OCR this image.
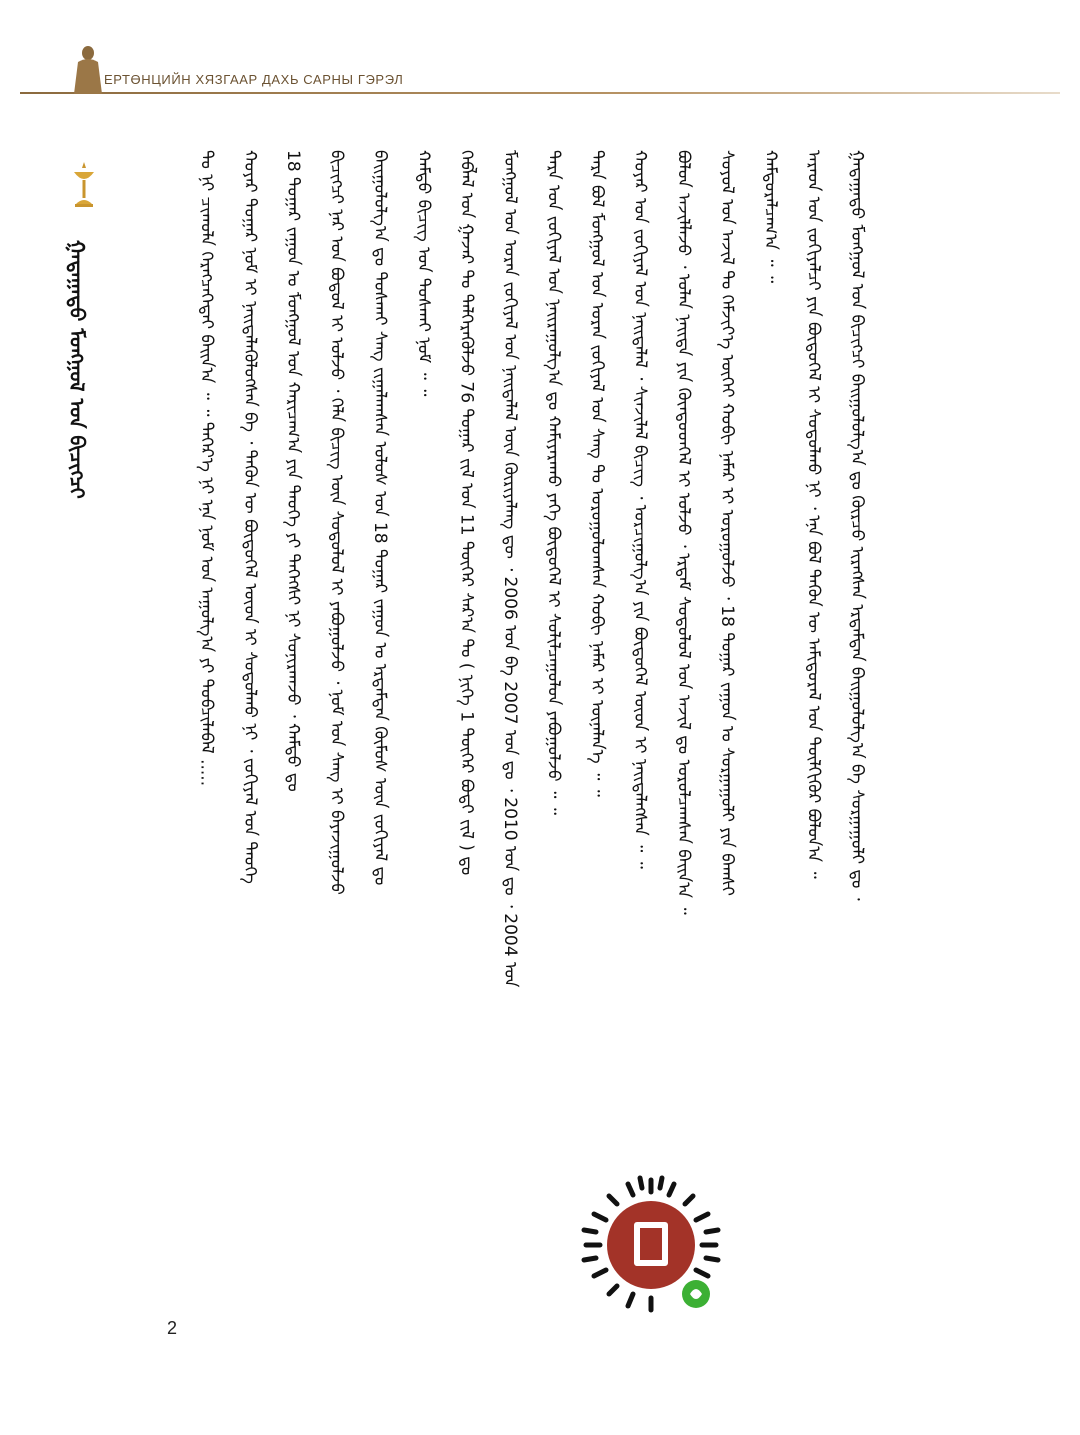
ЕРТӨНЦИЙН ХЯЗГААР ДАХЬ САРНЫ ГЭРЭЛ
ᠭᠠᠳᠠᠭᠠᠳᠤ ᠮᠣᠩᠭᠤᠯ ᠤᠨ ᠪᠢᠴᠢᠭᠴᠢ	ᠭᠠᠳᠠᠭᠠᠳᠤ ᠮᠣᠩᠭᠤᠯ ᠤᠨ ᠪᠢᠴᠢᠭᠴᠢ ᠪᠠᠢᠭᠤᠯᠤᠯᠭ᠎ᠠ ᠳᠤ ᠬᠦᠷᠴᠦ ᠢᠷᠡᠭᠰᠡᠨ ᠡᠷᠳᠡᠮᠲᠡᠨ ᠪᠠᠢᠭᠤᠯᠤᠯᠭ᠎ᠠ ᠪᠠ ᠰᠤᠷᠭᠠᠭᠤᠯᠢ ᠳᠤ ᠂
ᠠᠷᠠᠳ ᠤᠨ ᠵᠣᠬᠢᠶᠠᠯᠴᠢ ᠶᠢᠨ ᠪᠦᠲᠦᠭᠡᠯ ᠢ ᠰᠣᠳᠤᠯᠬᠤ ᠨᠢ ᠂ ᠡᠨᠡ ᠪᠣᠯ ᠲᠡᠭᠦᠨ ᠦ ᠠᠮᠢᠳᠤᠷᠠᠯ ᠤᠨ ᠲᠦᠯᠬᠢᠭᠦᠷ ᠪᠣᠯᠤᠨ᠎ᠠ ᠃
ᠬᠠᠮᠲᠤᠷᠠᠯᠴᠠᠭ᠎ᠠ ᠃ ᠃
ᠰᠣᠶᠣᠯ ᠤᠨ ᠠᠵᠢᠯ ᠲᠤ ᠬᠡᠮᠵᠢᠶ᠎ᠡ ᠦᠭᠡᠢ ᠬᠤᠪᠢ ᠨᠡᠮᠡᠷ ᠢ ᠣᠷᠣᠭᠤᠯᠵᠤ ᠂ 18 ᠳᠤᠭᠠᠷ ᠵᠠᠭᠤᠨ ᠤ ᠰᠤᠷᠭᠠᠭᠤᠯᠢ ᠶᠢᠨ ᠪᠠᠭᠰᠢ
ᠪᠣᠯᠤᠨ ᠠᠵᠢᠯᠯᠠᠵᠤ ᠂ ᠣᠯᠠᠨ ᠨᠡᠢᠲᠡ ᠶᠢᠨ ᠬᠦᠨᠳᠦᠳᠭᠡᠯ ᠢ ᠣᠯᠵᠤ ᠂ ᠡᠷᠳᠡᠮ ᠰᠤᠳᠤᠯᠤᠯ ᠤᠨ ᠠᠵᠢᠯ ᠳᠤ ᠣᠷᠣᠯᠴᠠᠭᠰᠠᠨ ᠪᠠᠢᠨ᠎ᠠ ᠃
ᠬᠣᠶᠠᠷ ᠤᠨ ᠵᠣᠬᠢᠶᠠᠯ ᠤᠨ ᠨᠡᠢᠲᠡᠯᠡᠯ ᠂ ᠰᠢᠨᠵᠢᠯᠡᠯ ᠪᠢᠴᠢᠭ ᠂ ᠣᠷᠴᠢᠭᠤᠯᠭ᠎ᠠ ᠶᠢᠨ ᠪᠦᠲᠦᠭᠡᠯ ᠦᠳ ᠢ ᠨᠡᠢᠲᠡᠯᠡᠭᠰᠡᠨ ᠃ ᠃
ᠲᠡᠷᠡ ᠪᠣᠯ ᠮᠣᠩᠭᠤᠯ ᠤᠨ ᠤᠷᠠᠨ ᠵᠣᠬᠢᠶᠠᠯ ᠤᠨ ᠰᠠᠩ ᠲᠤ ᠣᠷᠣᠭᠤᠯᠤᠭᠰᠠᠨ ᠬᠤᠪᠢ ᠨᠡᠮᠡᠷ ᠢ ᠦᠨᠡᠯᠡᠨ᠎ᠡ ᠃ ᠃
ᠲᠡᠷᠡ ᠤᠨ ᠵᠣᠬᠢᠶᠠᠯ ᠤᠨ ᠨᠠᠢᠷᠠᠭᠤᠯᠭ᠎ᠠ ᠳᠤ ᠬᠠᠮᠢᠶᠠᠷᠠᠬᠤ ᠶᠡᠬᠡ ᠪᠦᠲᠦᠭᠡᠯ ᠢ ᠰᠣᠯᠢᠯᠴᠠᠭᠤᠯᠤᠨ ᠶᠠᠪᠤᠭᠤᠯᠵᠤ ᠃ ᠃
ᠮᠣᠩᠭᠤᠯ ᠤᠨ ᠤᠷᠠᠨ ᠵᠣᠬᠢᠶᠠᠯ ᠤᠨ ᠨᠡᠢᠲᠡᠯᠡᠯ ᠦᠨ ᠬᠦᠷᠢᠶᠡᠯᠡᠩ ᠳᠦ ᠂ 2006 ᠣᠨ ᠪᠠ 2007 ᠣᠨ ᠳᠤ ᠂ 2010 ᠣᠨ ᠳᠤ ᠂ 2004 ᠣᠨ
ᠬᠡᠪᠯᠡᠯ ᠤᠨ ᠭᠠᠵᠠᠷ ᠲᠤ ᠳᠡᠯᠭᠡᠷᠡᠭᠦᠯᠵᠦ 76 ᠳᠤᠭᠠᠷ ᠵᠢᠯ ᠤᠨ 11 ᠳᠦᠭᠡᠷ ᠰᠠᠷ᠎ᠠ ᠲᠤ ( ᠨᠢᠭᠡ 1 ᠳᠦᠭᠡᠷ ᠪᠣᠳᠢ ᠵᠢᠯ ) ᠳᠤ
ᠬᠠᠮᠲᠤ ᠪᠢᠴᠢᠭ᠌ ᠤᠨ ᠲᠤᠰᠬᠠᠢ ᠨᠣᠮ ᠃ ᠃
ᠪᠠᠢᠭᠤᠯᠤᠯᠭ᠎ᠠ ᠳᠤ ᠲᠤᠰᠬᠠᠢ ᠰᠠᠩ ᠵᠢᠭᠠᠯᠠᠭᠰᠠᠨ ᠤᠯᠤᠰ ᠤᠨ 18 ᠳᠤᠭᠠᠷ ᠵᠠᠭᠤᠨ ᠤ ᠡᠷᠳᠡᠮᠲᠡᠨ ᠬᠦᠮᠦᠰ ᠦᠨ ᠵᠣᠬᠢᠶᠠᠯ ᠳᠤ
ᠪᠢᠴᠢᠭᠴᠢ ᠨᠠᠷ ᠤᠨ ᠪᠣᠳᠤᠯ ᠢ ᠣᠯᠵᠤ ᠂ ᠬᠡᠯᠡ ᠪᠢᠴᠢᠭ᠌ ᠦᠨ ᠰᠤᠳᠤᠯᠤᠯ ᠢ ᠶᠠᠪᠤᠭᠤᠯᠵᠤ ᠂ ᠨᠣᠮ ᠤᠨ ᠰᠠᠩ ᠢ ᠪᠠᠶᠠᠵᠢᠭᠤᠯᠵᠤ
18 ᠳᠤᠭᠠᠷ ᠵᠠᠭᠤᠨ ᠤ ᠮᠣᠩᠭᠤᠯ ᠤᠨ ᠬᠠᠷᠢᠴᠠᠭ᠎ᠠ ᠶᠢᠨ ᠲᠡᠦᠬᠡ ᠶᠢ ᠳᠡᠭᠡᠭᠰᠢ ᠨᠢ ᠰᠣᠨᠢᠷᠬᠠᠵᠤ ᠂ ᠬᠠᠮᠲᠤ ᠳᠤ
ᠬᠣᠶᠠᠷ ᠳᠤᠭᠠᠷ ᠨᠣᠮ ᠢ ᠨᠡᠢᠲᠡᠯᠡᠭᠦᠯᠦᠭᠰᠡᠨ ᠪᠠ ᠂ ᠲᠡᠭᠦᠨ ᠦ ᠪᠦᠲᠦᠭᠡᠯ ᠦᠳ ᠢ ᠰᠣᠳᠤᠯᠬᠤ ᠨᠢ ᠂ ᠵᠣᠬᠢᠶᠠᠯ ᠤᠨ ᠲᠡᠦᠬᠡ
ᠲᠤ ᠨᠢ ᠴᠢᠬᠤᠯᠠ ᠬᠡᠷᠡᠭᠴᠡᠭᠡᠲᠡᠢ ᠪᠠᠢᠨ᠎ᠠ ᠃ ᠃ ᠳᠡᠭᠡᠷ᠎ᠡ ᠨᠢ ᠡᠨᠡ ᠨᠣᠮ ᠤᠨ ᠠᠭᠤᠯᠭ᠎ᠠ ᠶᠢ ᠲᠣᠪᠴᠢᠯᠠᠪᠠᠯ .....
2
